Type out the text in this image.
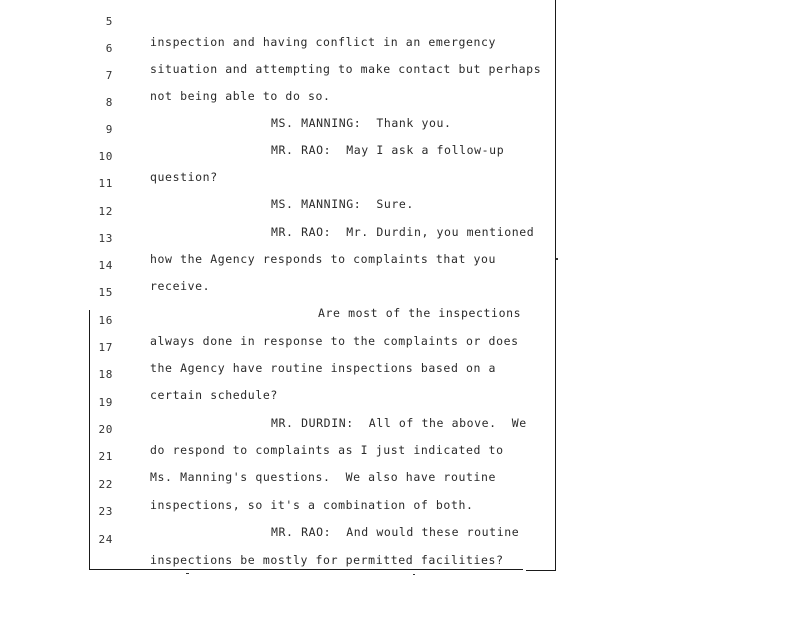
5

inspection and having conflict in an emergency

6

situation and attempting to make contact but perhaps

7

not being able to do so.

8

MS. MANNING:  Thank you.

9

MR. RAO:  May I ask a follow-up

10

question?

11

MS. MANNING:  Sure.

12

MR. RAO:  Mr. Durdin, you mentioned

13

how the Agency responds to complaints that you

14

receive.

15

Are most of the inspections

16

always done in response to the complaints or does

17

the Agency have routine inspections based on a

18

certain schedule?

19

MR. DURDIN:  All of the above.  We

20

do respond to complaints as I just indicated to

21

Ms. Manning's questions.  We also have routine

22

inspections, so it's a combination of both.

23

MR. RAO:  And would these routine

24

inspections be mostly for permitted facilities?
